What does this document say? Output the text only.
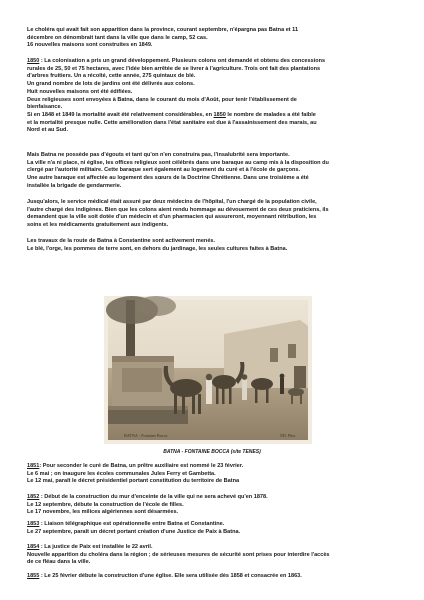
Le choléra qui avait fait son apparition dans la province, courant septembre, n'épargna pas Batna et 11

décembre on dénombrait tant dans la ville que dans le camp, 52 cas.

16 nouvelles maisons sont construites en 1849.

1850 : La colonisation a pris un grand développement. Plusieurs colons ont demandé et obtenu des concessions

rurales de 25, 50 et 75 hectares, avec l'idée bien arrêtée de se livrer à l'agriculture. Trois ont fait des plantations

d'arbres fruitiers. Un a récolté, cette année, 275 quintaux de blé.

Un grand nombre de lots de jardins ont été délivrés aux colons.

Huit nouvelles maisons ont été édifiées.

Deux religieuses sont envoyées à Batna, dans le courant du mois d'Août, pour tenir l'établissement de

bienfaisance.

Si en 1848 et 1849 la mortalité avait été relativement considérables, en 1850 le nombre de malades a été faible

et la mortalité presque nulle. Cette amélioration dans l'état sanitaire est due à l'assainissement des marais, au

Nord et au Sud.

Mais Batna ne possède pas d'égouts et tant qu'on n'en construira pas, l'insalubrité sera importante.

La ville n'a ni place, ni église, les offices religieux sont célébrés dans une baraque au camp mis à la disposition du

clergé par l'autorité militaire. Cette baraque sert également au logement du curé et à l'école de garçons.

Une autre baraque est affectée au logement des sœurs de la Doctrine Chrétienne. Dans une troisième a été

installée la brigade de gendarmerie.

Jusqu'alors, le service médical était assuré par deux médecins de l'hôpital, l'un chargé de la population civile,

l'autre chargé des indigènes. Bien que les colons aient rendu hommage au dévouement de ces deux praticiens, ils

demandent que la ville soit dotée d'un médecin et d'un pharmacien qui assureront, moyennant rétribution, les

soins et les médicaments gratuitement aux indigents.

Les travaux de la route de Batna à Constantine sont activement menés.

Le blé, l'orge, les pommes de terre sont, en dehors du jardinage, les seules cultures faites à Batna.

BATNA - Fontaine Bocca	ND. Phot.
BATNA - FONTAINE BOCCA (site TENES)

1851: Pour seconder le curé de Batna, un prêtre auxiliaire est nommé le 23 février.

Le 6 mai ; on inaugure les écoles communales Jules Ferry et Gambetta.

Le 12 mai, paraît le décret présidentiel portant constitution du territoire de Batna

1852 : Début de la construction du mur d'enceinte de la ville qui ne sera achevé qu'en 1878.

Le 12 septembre, débute la construction de l'école de filles.

Le 17 novembre, les milices algériennes sont désarmées.

1853 : Liaison télégraphique est opérationnelle entre Batna et Constantine.

Le 27 septembre, paraît un décret portant création d'une Justice de Paix à Batna.

1854 : La justice de Paix est installée le 22 avril.

Nouvelle apparition du choléra dans la région ; de sérieuses mesures de sécurité sont prises pour interdire l'accès

de ce fléau dans la ville.

1855 : Le 25 février débute la construction d'une église. Elle sera utilisée dès 1858 et consacrée en 1863.
